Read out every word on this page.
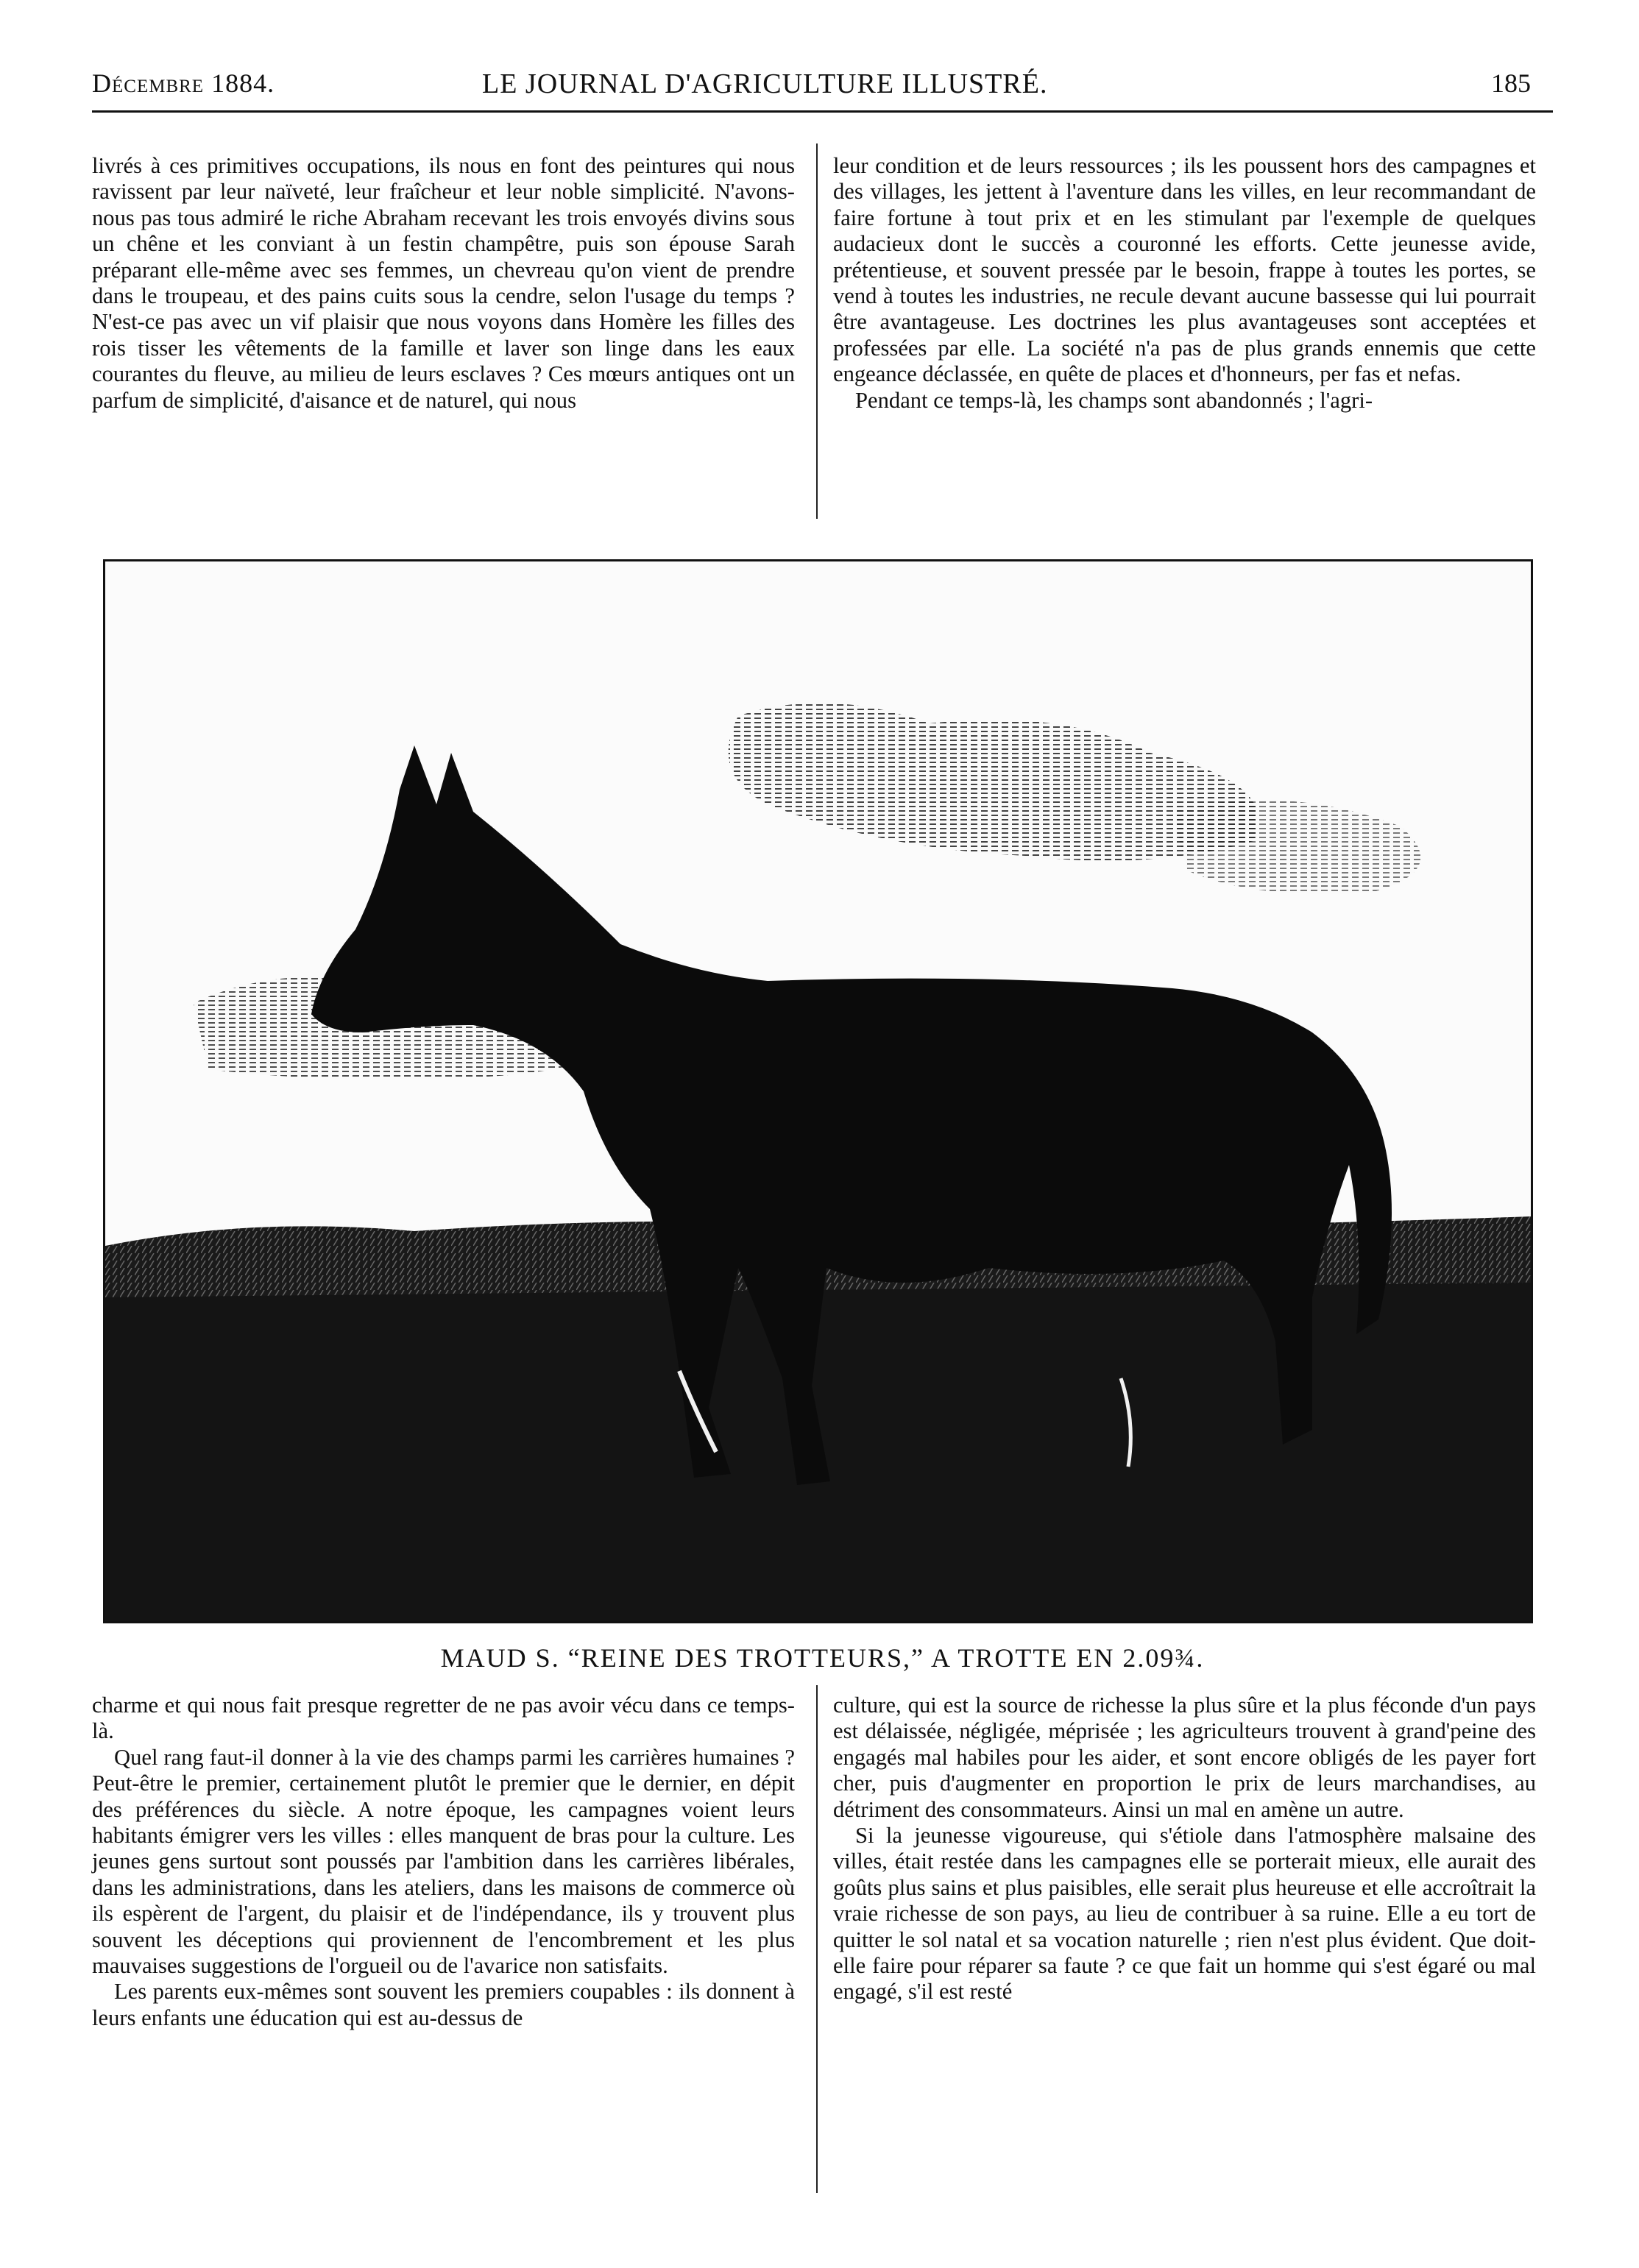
Décembre 1884.	LE JOURNAL D'AGRICULTURE ILLUSTRÉ.	185

livrés à ces primitives occupations, ils nous en font des peintures qui nous ravissent par leur naïveté, leur fraîcheur et leur noble simplicité. N'avons-nous pas tous admiré le riche Abraham recevant les trois envoyés divins sous un chêne et les conviant à un festin champêtre, puis son épouse Sarah préparant elle-même avec ses femmes, un chevreau qu'on vient de prendre dans le troupeau, et des pains cuits sous la cendre, selon l'usage du temps ? N'est-ce pas avec un vif plaisir que nous voyons dans Homère les filles des rois tisser les vêtements de la famille et laver son linge dans les eaux courantes du fleuve, au milieu de leurs esclaves ? Ces mœurs antiques ont un parfum de simplicité, d'aisance et de naturel, qui nous

leur condition et de leurs ressources ; ils les poussent hors des campagnes et des villages, les jettent à l'aventure dans les villes, en leur recommandant de faire fortune à tout prix et en les stimulant par l'exemple de quelques audacieux dont le succès a couronné les efforts. Cette jeunesse avide, prétentieuse, et souvent pressée par le besoin, frappe à toutes les portes, se vend à toutes les industries, ne recule devant aucune bassesse qui lui pourrait être avantageuse. Les doctrines les plus avantageuses sont acceptées et professées par elle. La société n'a pas de plus grands ennemis que cette engeance déclassée, en quête de places et d'honneurs, per fas et nefas.

Pendant ce temps-là, les champs sont abandonnés ; l'agri-

MAUD S. “REINE DES TROTTEURS,” A TROTTE EN 2.09¾.

charme et qui nous fait presque regretter de ne pas avoir vécu dans ce temps-là.

Quel rang faut-il donner à la vie des champs parmi les carrières humaines ? Peut-être le premier, certainement plutôt le premier que le dernier, en dépit des préférences du siècle. A notre époque, les campagnes voient leurs habitants émigrer vers les villes : elles manquent de bras pour la culture. Les jeunes gens surtout sont poussés par l'ambition dans les carrières libérales, dans les administrations, dans les ateliers, dans les maisons de commerce où ils espèrent de l'argent, du plaisir et de l'indépendance, ils y trouvent plus souvent les déceptions qui proviennent de l'encombrement et les plus mauvaises suggestions de l'orgueil ou de l'avarice non satisfaits.

Les parents eux-mêmes sont souvent les premiers coupables : ils donnent à leurs enfants une éducation qui est au-dessus de

culture, qui est la source de richesse la plus sûre et la plus féconde d'un pays est délaissée, négligée, méprisée ; les agriculteurs trouvent à grand'peine des engagés mal habiles pour les aider, et sont encore obligés de les payer fort cher, puis d'augmenter en proportion le prix de leurs marchandises, au détriment des consommateurs. Ainsi un mal en amène un autre.

Si la jeunesse vigoureuse, qui s'étiole dans l'atmosphère malsaine des villes, était restée dans les campagnes elle se porterait mieux, elle aurait des goûts plus sains et plus paisibles, elle serait plus heureuse et elle accroîtrait la vraie richesse de son pays, au lieu de contribuer à sa ruine. Elle a eu tort de quitter le sol natal et sa vocation naturelle ; rien n'est plus évident. Que doit-elle faire pour réparer sa faute ? ce que fait un homme qui s'est égaré ou mal engagé, s'il est resté
